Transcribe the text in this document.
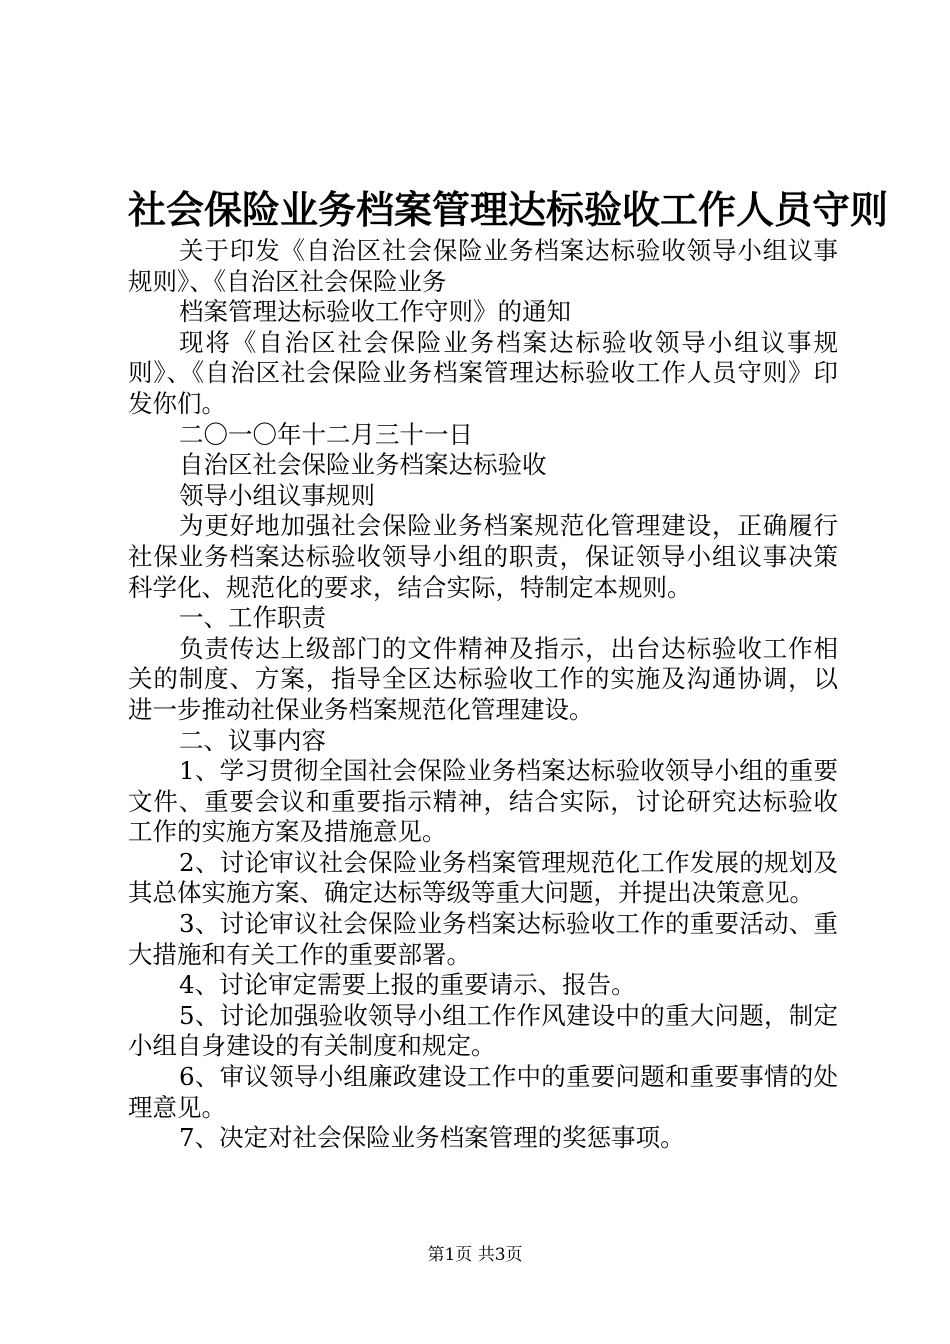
社会保险业务档案管理达标验收工作人员守则

关于印发《自治区社会保险业务档案达标验收领导小组议事规则》、《自治区社会保险业务

档案管理达标验收工作守则》的通知

现将《自治区社会保险业务档案达标验收领导小组议事规则》、《自治区社会保险业务档案管理达标验收工作人员守则》印发你们。

二〇一〇年十二月三十一日

自治区社会保险业务档案达标验收

领导小组议事规则

为更好地加强社会保险业务档案规范化管理建设，正确履行社保业务档案达标验收领导小组的职责，保证领导小组议事决策科学化、规范化的要求，结合实际，特制定本规则。

一、工作职责

负责传达上级部门的文件精神及指示，出台达标验收工作相关的制度、方案，指导全区达标验收工作的实施及沟通协调，以进一步推动社保业务档案规范化管理建设。

二、议事内容

1、学习贯彻全国社会保险业务档案达标验收领导小组的重要文件、重要会议和重要指示精神，结合实际，讨论研究达标验收工作的实施方案及措施意见。

2、讨论审议社会保险业务档案管理规范化工作发展的规划及其总体实施方案、确定达标等级等重大问题，并提出决策意见。

3、讨论审议社会保险业务档案达标验收工作的重要活动、重大措施和有关工作的重要部署。

4、讨论审定需要上报的重要请示、报告。

5、讨论加强验收领导小组工作作风建设中的重大问题，制定小组自身建设的有关制度和规定。

6、审议领导小组廉政建设工作中的重要问题和重要事情的处理意见。

7、决定对社会保险业务档案管理的奖惩事项。

第1页 共3页
